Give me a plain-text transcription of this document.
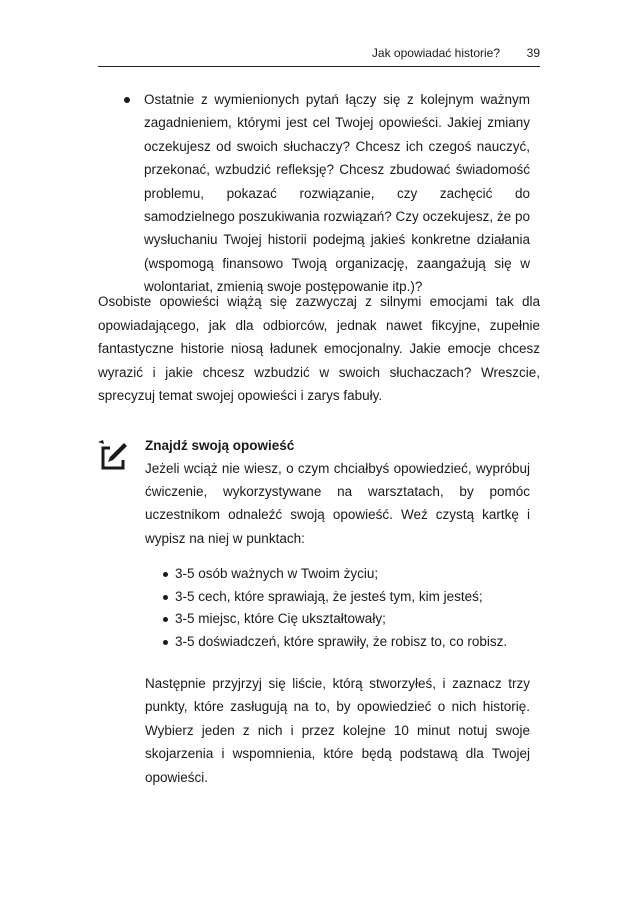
Jak opowiadać historie? 39
Ostatnie z wymienionych pytań łączy się z kolejnym ważnym zagadnieniem, którymi jest cel Twojej opowieści. Jakiej zmiany oczekujesz od swoich słuchaczy? Chcesz ich czegoś nauczyć, przekonać, wzbudzić refleksję? Chcesz zbudować świadomość problemu, pokazać rozwiązanie, czy zachęcić do samodzielnego poszukiwania rozwiązań? Czy oczekujesz, że po wysłuchaniu Twojej historii podejmą jakieś konkretne działania (wspomogą finansowo Twoją organizację, zaangażują się w wolontariat, zmienią swoje postępowanie itp.)?

Osobiste opowieści wiążą się zazwyczaj z silnymi emocjami tak dla opowiadającego, jak dla odbiorców, jednak nawet fikcyjne, zupełnie fantastyczne historie niosą ładunek emocjonalny. Jakie emocje chcesz wyrazić i jakie chcesz wzbudzić w swoich słuchaczach? Wreszcie, sprecyzuj temat swojej opowieści i zarys fabuły.

Znajdź swoją opowieść

Jeżeli wciąż nie wiesz, o czym chciałbyś opowiedzieć, wypróbuj ćwiczenie, wykorzystywane na warsztatach, by pomóc uczestnikom odnaleźć swoją opowieść. Weź czystą kartkę i wypisz na niej w punktach:

3-5 osób ważnych w Twoim życiu;
3-5 cech, które sprawiają, że jesteś tym, kim jesteś;
3-5 miejsc, które Cię ukształtowały;
3-5 doświadczeń, które sprawiły, że robisz to, co robisz.

Następnie przyjrzyj się liście, którą stworzyłeś, i zaznacz trzy punkty, które zasługują na to, by opowiedzieć o nich historię. Wybierz jeden z nich i przez kolejne 10 minut notuj swoje skojarzenia i wspomnienia, które będą podstawą dla Twojej opowieści.
